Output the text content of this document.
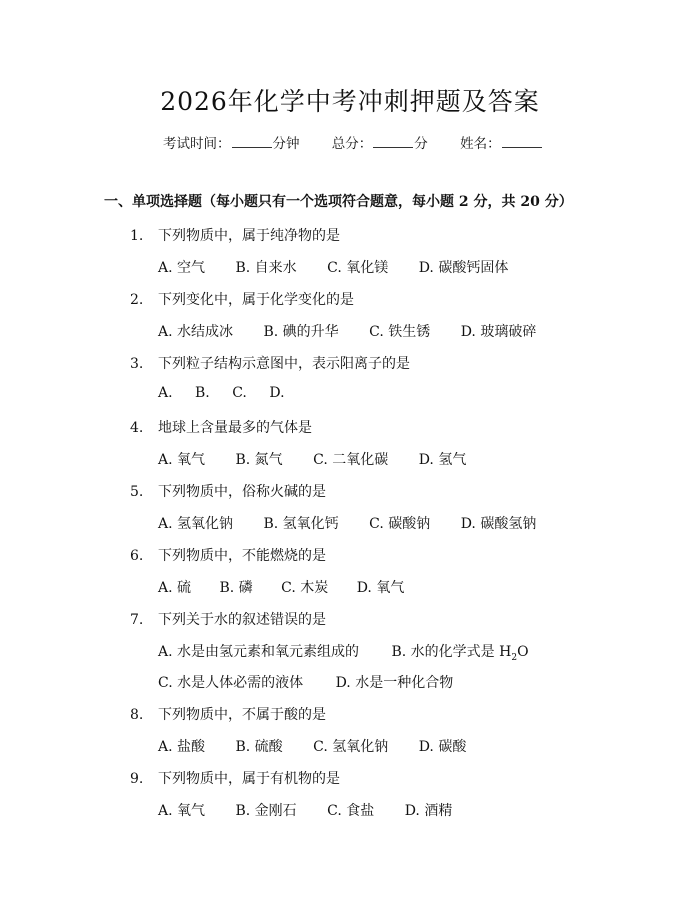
2026年化学中考冲刺押题及答案
考试时间：	分钟 总分：	分 姓名：
一、单项选择题（每小题只有一个选项符合题意，每小题 2 分，共 20 分）
1. 下列物质中，属于纯净物的是
A. 空气 B. 自来水 C. 氧化镁 D. 碳酸钙固体
2. 下列变化中，属于化学变化的是
A. 水结成冰 B. 碘的升华 C. 铁生锈 D. 玻璃破碎
3. 下列粒子结构示意图中，表示阳离子的是
A. B. C. D.
4. 地球上含量最多的气体是
A. 氧气 B. 氮气 C. 二氧化碳 D. 氢气
5. 下列物质中，俗称火碱的是
A. 氢氧化钠 B. 氢氧化钙 C. 碳酸钠 D. 碳酸氢钠
6. 下列物质中，不能燃烧的是
A. 硫 B. 磷 C. 木炭 D. 氧气
7. 下列关于水的叙述错误的是
A. 水是由氢元素和氧元素组成的 B. 水的化学式是 $H_2O$
C. 水是人体必需的液体 D. 水是一种化合物
8. 下列物质中，不属于酸的是
A. 盐酸 B. 硫酸 C. 氢氧化钠 D. 碳酸
9. 下列物质中，属于有机物的是
A. 氧气 B. 金刚石 C. 食盐 D. 酒精
